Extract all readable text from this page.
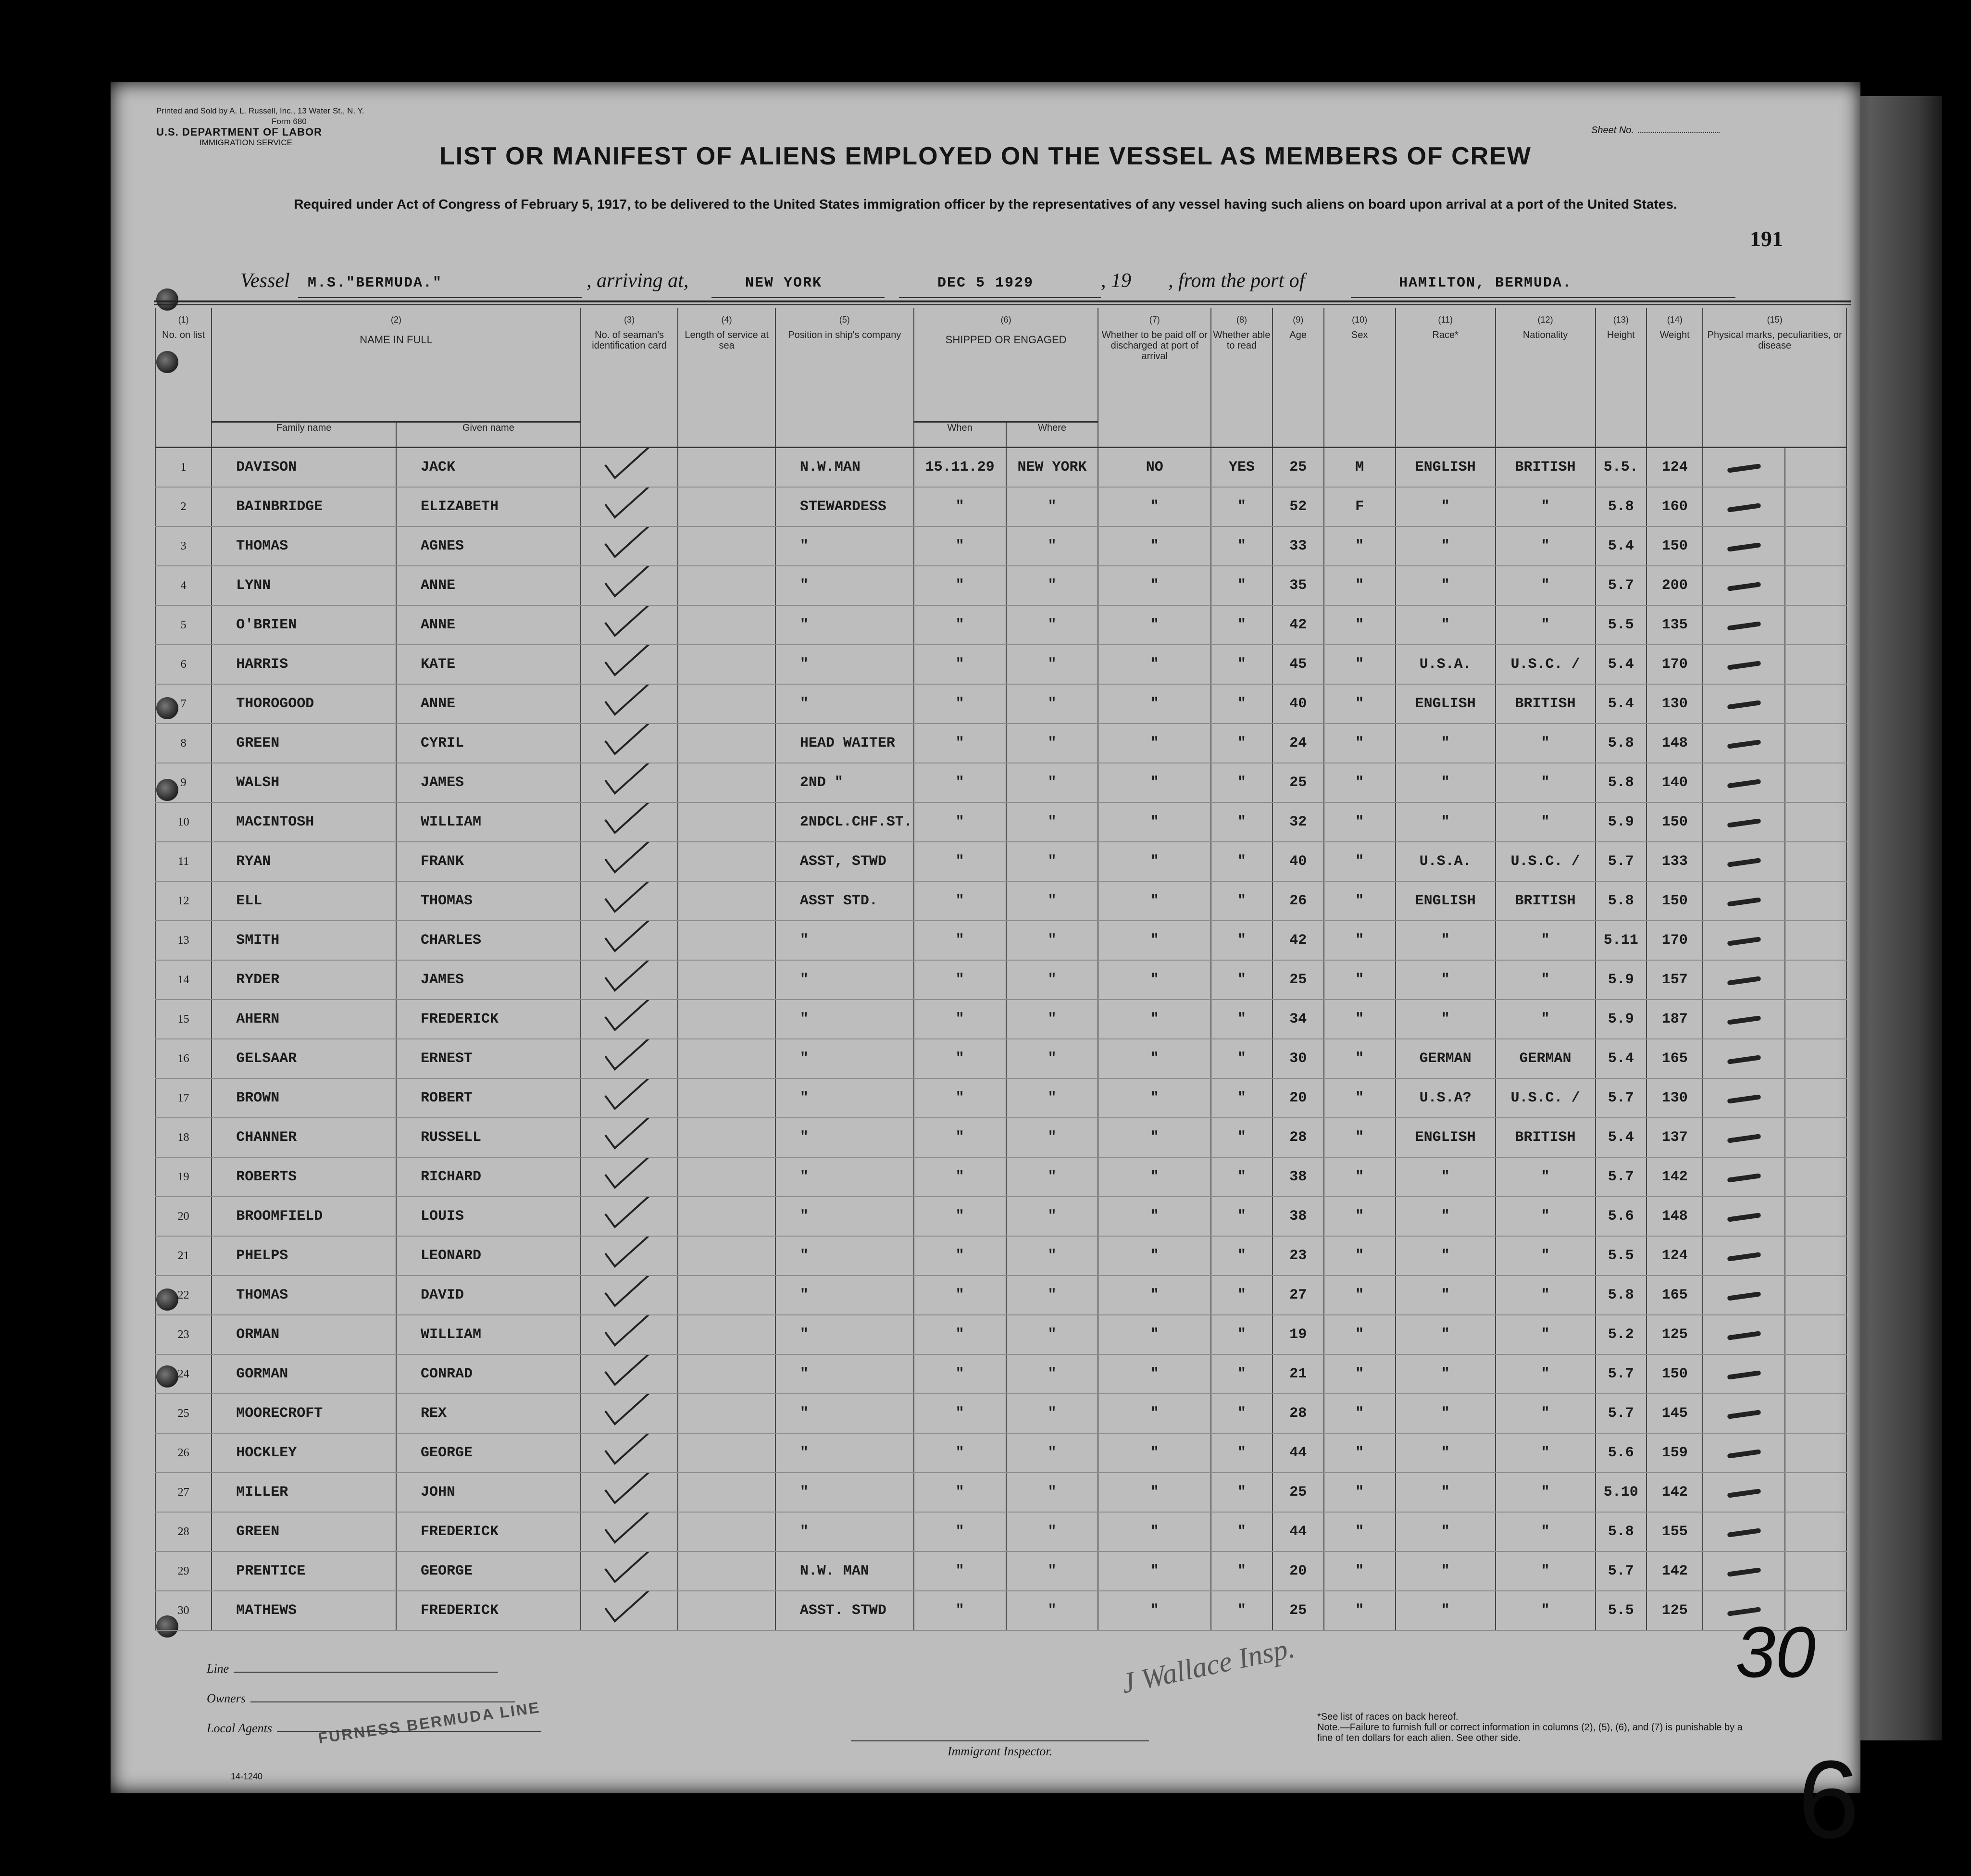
Printed and Sold by A. L. Russell, Inc., 13 Water St., N. Y.
Form 680
U.S. DEPARTMENT OF LABOR
IMMIGRATION SERVICE
Sheet No.
LIST OR MANIFEST OF ALIENS EMPLOYED ON THE VESSEL AS MEMBERS OF CREW
Required under Act of Congress of February 5, 1917, to be delivered to the United States immigration officer by the representatives of any vessel having such aliens on board upon arrival at a port of the United States.
191
Vessel M.S."BERMUDA."	, arriving at,	NEW YORK	DEC 5 1929	, 19 , from the port of	HAMILTON, BERMUDA.
(1)	(2)		(3)	(4)	(5)	(6)		(7)	(8)	(9)	(10)	(11)	(12)	(13)	(14)	(15)	

No. on list	NAME IN FULL		No. of seaman's identification card	Length of service at sea	Position in ship's company	SHIPPED OR ENGAGED		Whether to be paid off or discharged at port of arrival	Whether able to read	Age	Sex	Race*	Nationality	Height	Weight	Physical marks, peculiarities, or disease	
	Family name	Given name				When	Where										
1	DAVISON	JACK			N.W.MAN	15.11.29	NEW YORK	NO	YES	25	M	ENGLISH	BRITISH	5.5.	124		
2	BAINBRIDGE	ELIZABETH			STEWARDESS	"	"	"	"	52	F	"	"	5.8	160		
3	THOMAS	AGNES			"	"	"	"	"	33	"	"	"	5.4	150		
4	LYNN	ANNE			"	"	"	"	"	35	"	"	"	5.7	200		
5	O'BRIEN	ANNE			"	"	"	"	"	42	"	"	"	5.5	135		
6	HARRIS	KATE			"	"	"	"	"	45	"	U.S.A.	U.S.C. /	5.4	170		
7	THOROGOOD	ANNE			"	"	"	"	"	40	"	ENGLISH	BRITISH	5.4	130		
8	GREEN	CYRIL			HEAD WAITER	"	"	"	"	24	"	"	"	5.8	148		
9	WALSH	JAMES			2ND "	"	"	"	"	25	"	"	"	5.8	140		
10	MACINTOSH	WILLIAM			2NDCL.CHF.ST.	"	"	"	"	32	"	"	"	5.9	150		
11	RYAN	FRANK			ASST, STWD	"	"	"	"	40	"	U.S.A.	U.S.C. /	5.7	133		
12	ELL	THOMAS			ASST STD.	"	"	"	"	26	"	ENGLISH	BRITISH	5.8	150		
13	SMITH	CHARLES			"	"	"	"	"	42	"	"	"	5.11	170		
14	RYDER	JAMES			"	"	"	"	"	25	"	"	"	5.9	157		
15	AHERN	FREDERICK			"	"	"	"	"	34	"	"	"	5.9	187		
16	GELSAAR	ERNEST			"	"	"	"	"	30	"	GERMAN	GERMAN	5.4	165		
17	BROWN	ROBERT			"	"	"	"	"	20	"	U.S.A?	U.S.C. /	5.7	130		
18	CHANNER	RUSSELL			"	"	"	"	"	28	"	ENGLISH	BRITISH	5.4	137		
19	ROBERTS	RICHARD			"	"	"	"	"	38	"	"	"	5.7	142		
20	BROOMFIELD	LOUIS			"	"	"	"	"	38	"	"	"	5.6	148		
21	PHELPS	LEONARD			"	"	"	"	"	23	"	"	"	5.5	124		
22	THOMAS	DAVID			"	"	"	"	"	27	"	"	"	5.8	165		
23	ORMAN	WILLIAM			"	"	"	"	"	19	"	"	"	5.2	125		
24	GORMAN	CONRAD			"	"	"	"	"	21	"	"	"	5.7	150		
25	MOORECROFT	REX			"	"	"	"	"	28	"	"	"	5.7	145		
26	HOCKLEY	GEORGE			"	"	"	"	"	44	"	"	"	5.6	159		
27	MILLER	JOHN			"	"	"	"	"	25	"	"	"	5.10	142		
28	GREEN	FREDERICK			"	"	"	"	"	44	"	"	"	5.8	155		
29	PRENTICE	GEORGE			N.W. MAN	"	"	"	"	20	"	"	"	5.7	142		
30	MATHEWS	FREDERICK			ASST. STWD	"	"	"	"	25	"	"	"	5.5	125		
J Wallace Insp.
Line
Owners
Local Agents	FURNESS BERMUDA LINE
14-1240
Immigrant Inspector.
*See list of races on back hereof.
Note.—Failure to furnish full or correct information in columns (2), (5), (6), and (7) is punishable by a fine of ten dollars for each alien. See other side.
30
6
